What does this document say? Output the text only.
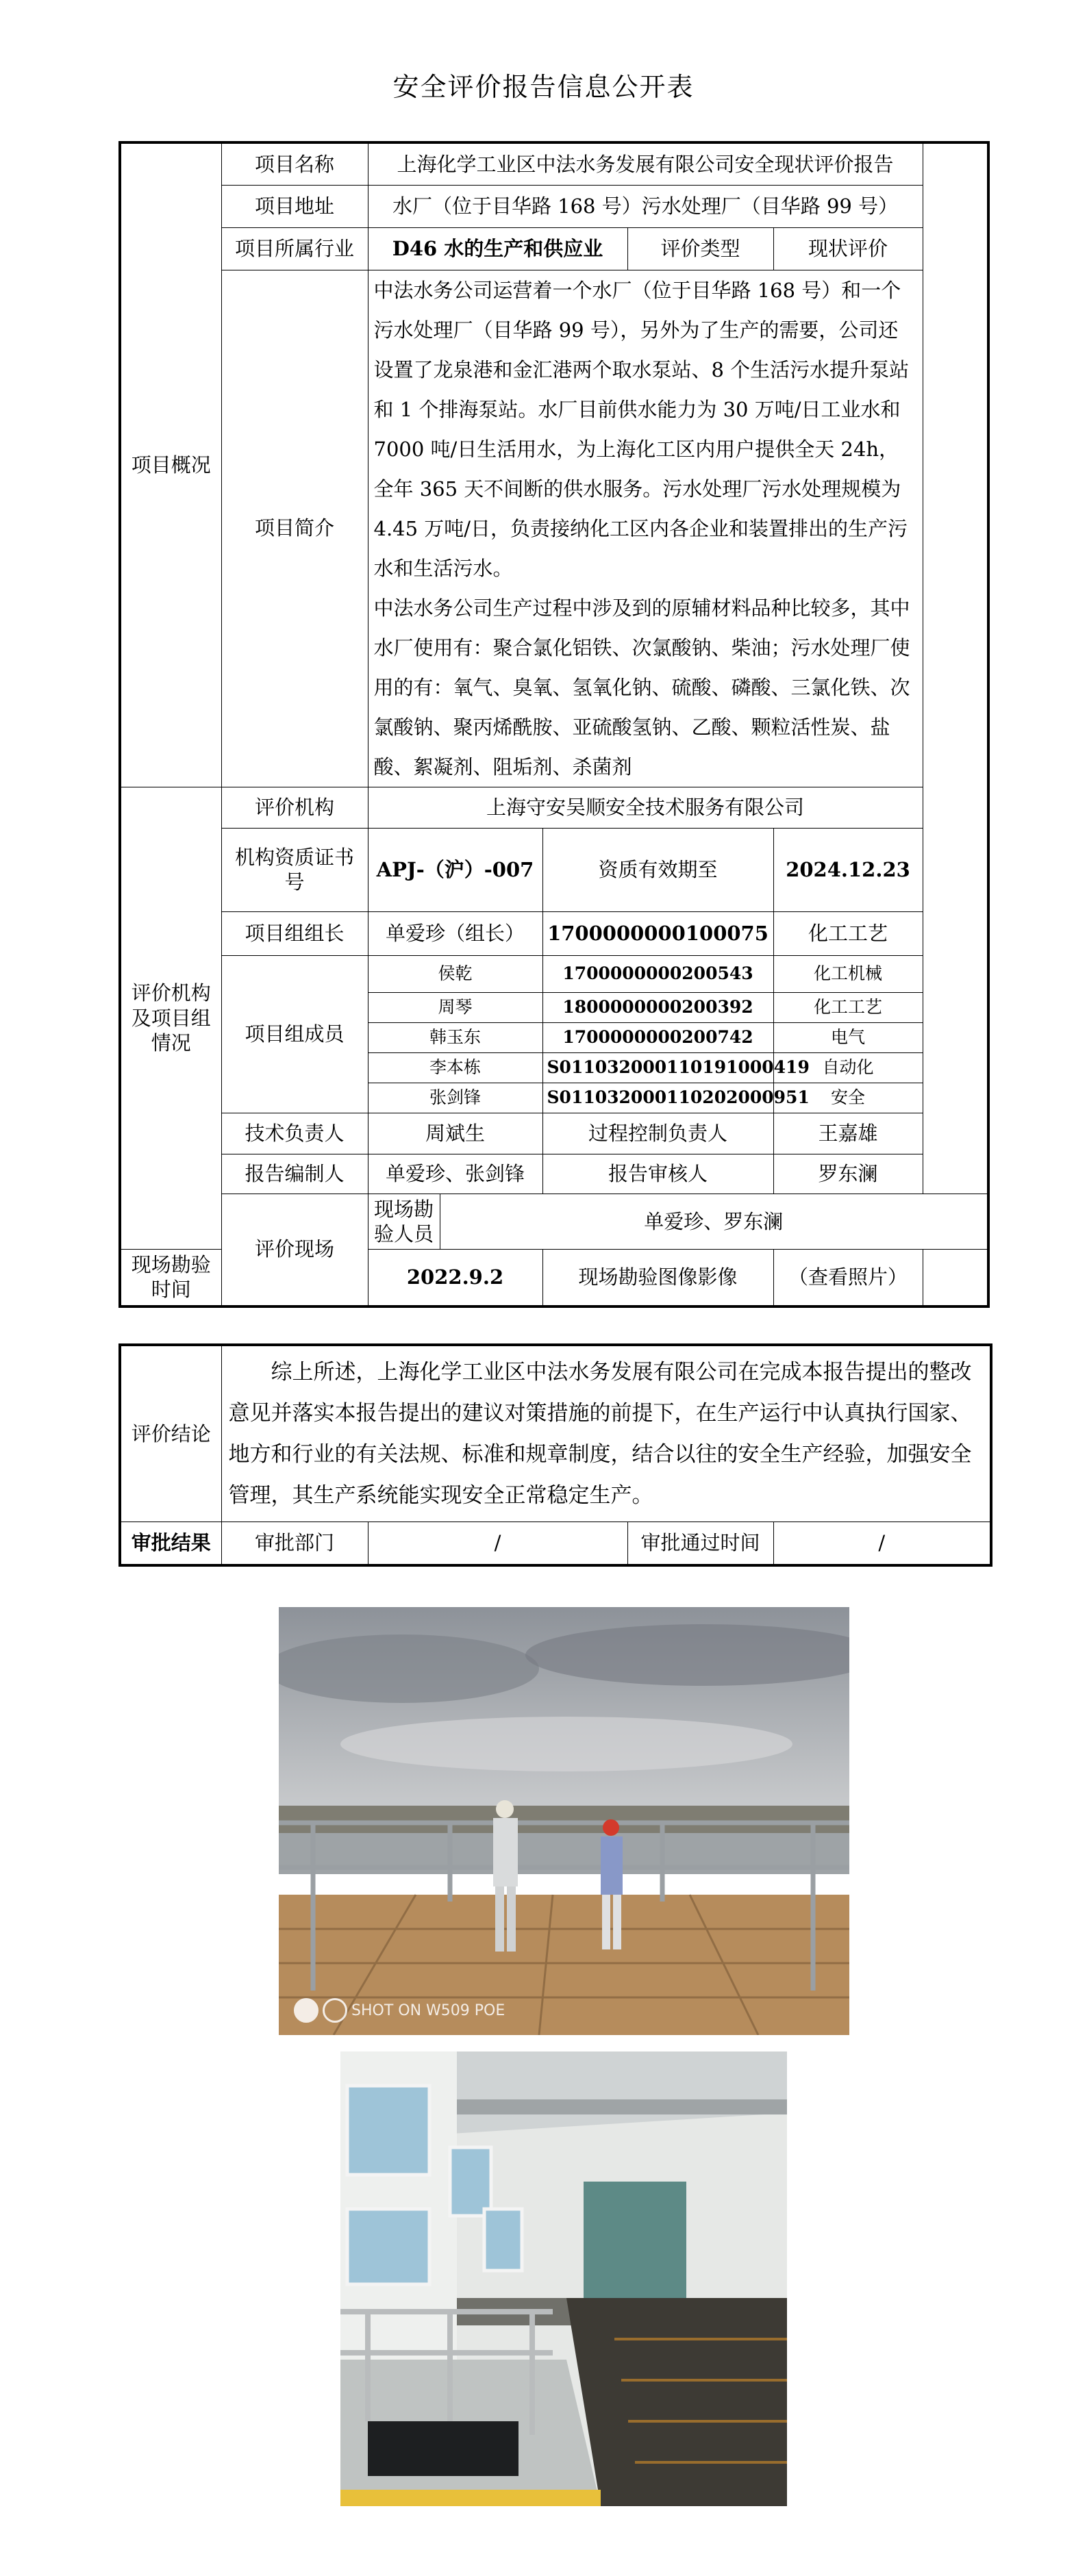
安全评价报告信息公开表
项目概况	项目名称	上海化学工业区中法水务发展有限公司安全现状评价报告				
	项目地址	水厂（位于目华路 168 号）污水处理厂（目华路 99 号）				
	项目所属行业	D46 水的生产和供应业			评价类型	现状评价
	项目简介	中法水务公司运营着一个水厂（位于目华路 168 号）和一个污水处理厂（目华路 99 号），另外为了生产的需要，公司还设置了龙泉港和金汇港两个取水泵站、8 个生活污水提升泵站和 1 个排海泵站。水厂目前供水能力为 30 万吨/日工业水和 7000 吨/日生活用水，为上海化工区内用户提供全天 24h，全年 365 天不间断的供水服务。污水处理厂污水处理规模为 4.45 万吨/日，负责接纳化工区内各企业和装置排出的生产污水和生活污水。
中法水务公司生产过程中涉及到的原辅材料品种比较多，其中水厂使用有：聚合氯化铝铁、次氯酸钠、柴油；污水处理厂使用的有：氧气、臭氧、氢氧化钠、硫酸、磷酸、三氯化铁、次氯酸钠、聚丙烯酰胺、亚硫酸氢钠、乙酸、颗粒活性炭、盐酸、絮凝剂、阻垢剂、杀菌剂				

评价机构及项目组情况	评价机构	上海守安吴顺安全技术服务有限公司				
	机构资质证书号	APJ-（沪）-007		资质有效期至		2024.12.23
	项目组组长	单爱珍（组长）		1700000000100075		化工工艺
	项目组成员	侯乾		1700000000200543		化工机械
		周琴		1800000000200392		化工工艺
		韩玉东		1700000000200742		电气
		李本栋		S011032000110191000419		自动化
		张剑锋		S011032000110202000951		安全
	技术负责人	周斌生		过程控制负责人		王嘉雄
	报告编制人	单爱珍、张剑锋		报告审核人		罗东澜
	评价现场	现场勘验人员	单爱珍、罗东澜			
现场勘验时间		2022.9.2		现场勘验图像影像		（查看照片）
评价结论	综上所述，上海化学工业区中法水务发展有限公司在完成本报告提出的整改意见并落实本报告提出的建议对策措施的前提下，在生产运行中认真执行国家、地方和行业的有关法规、标准和规章制度，结合以往的安全生产经验，加强安全管理，其生产系统能实现安全正常稳定生产。			
审批结果	审批部门	/	审批通过时间	/
SHOT ON W509 POE
